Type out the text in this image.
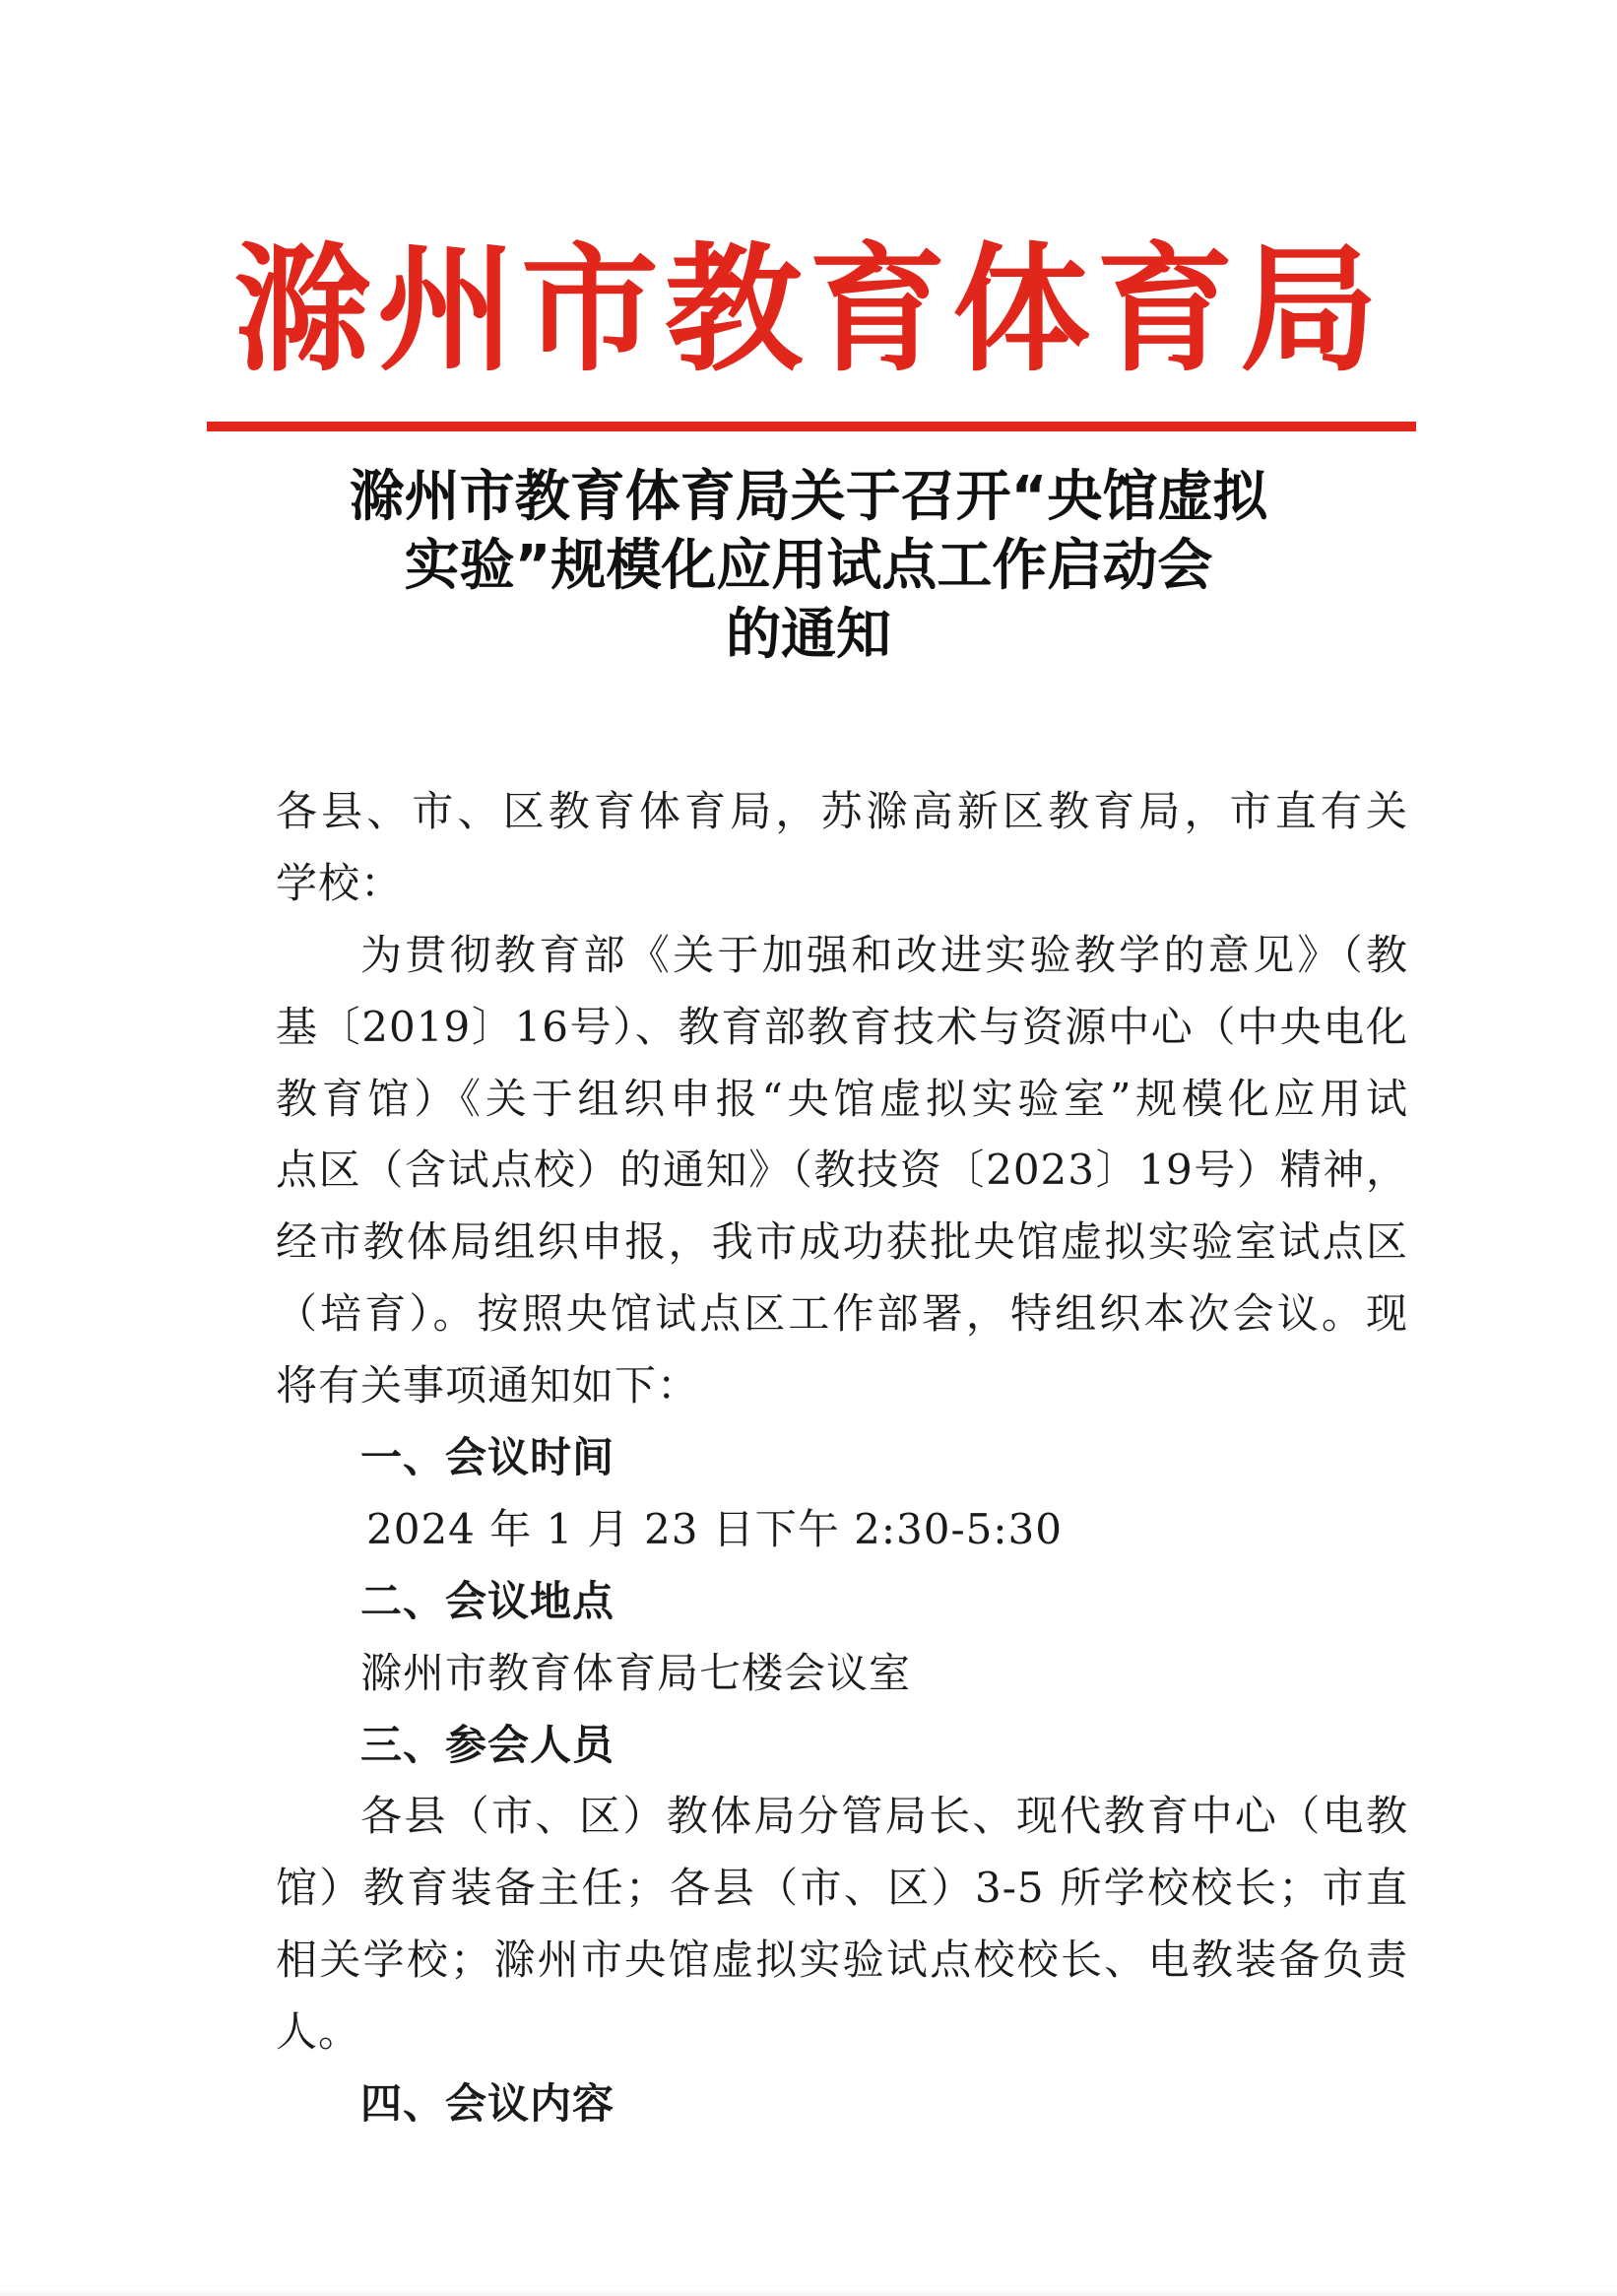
滁州市教育体育局
滁州市教育体育局关于召开“央馆虚拟
实验”规模化应用试点工作启动会
的通知
各县、市、区教育体育局，苏滁高新区教育局，市直有关
学校：
为贯彻教育部《关于加强和改进实验教学的意见》（教
基〔2019〕16号）、教育部教育技术与资源中心（中央电化
教育馆）《关于组织申报“央馆虚拟实验室”规模化应用试
点区（含试点校）的通知》（教技资〔2023〕19号）精神，
经市教体局组织申报，我市成功获批央馆虚拟实验室试点区
（培育）。按照央馆试点区工作部署，特组织本次会议。现
将有关事项通知如下：
一、会议时间
2024 年 1 月 23 日下午 2:30-5:30
二、会议地点
滁州市教育体育局七楼会议室
三、参会人员
各县（市、区）教体局分管局长、现代教育中心（电教
馆）教育装备主任；各县（市、区）3-5 所学校校长；市直
相关学校；滁州市央馆虚拟实验试点校校长、电教装备负责
人。
四、会议内容
